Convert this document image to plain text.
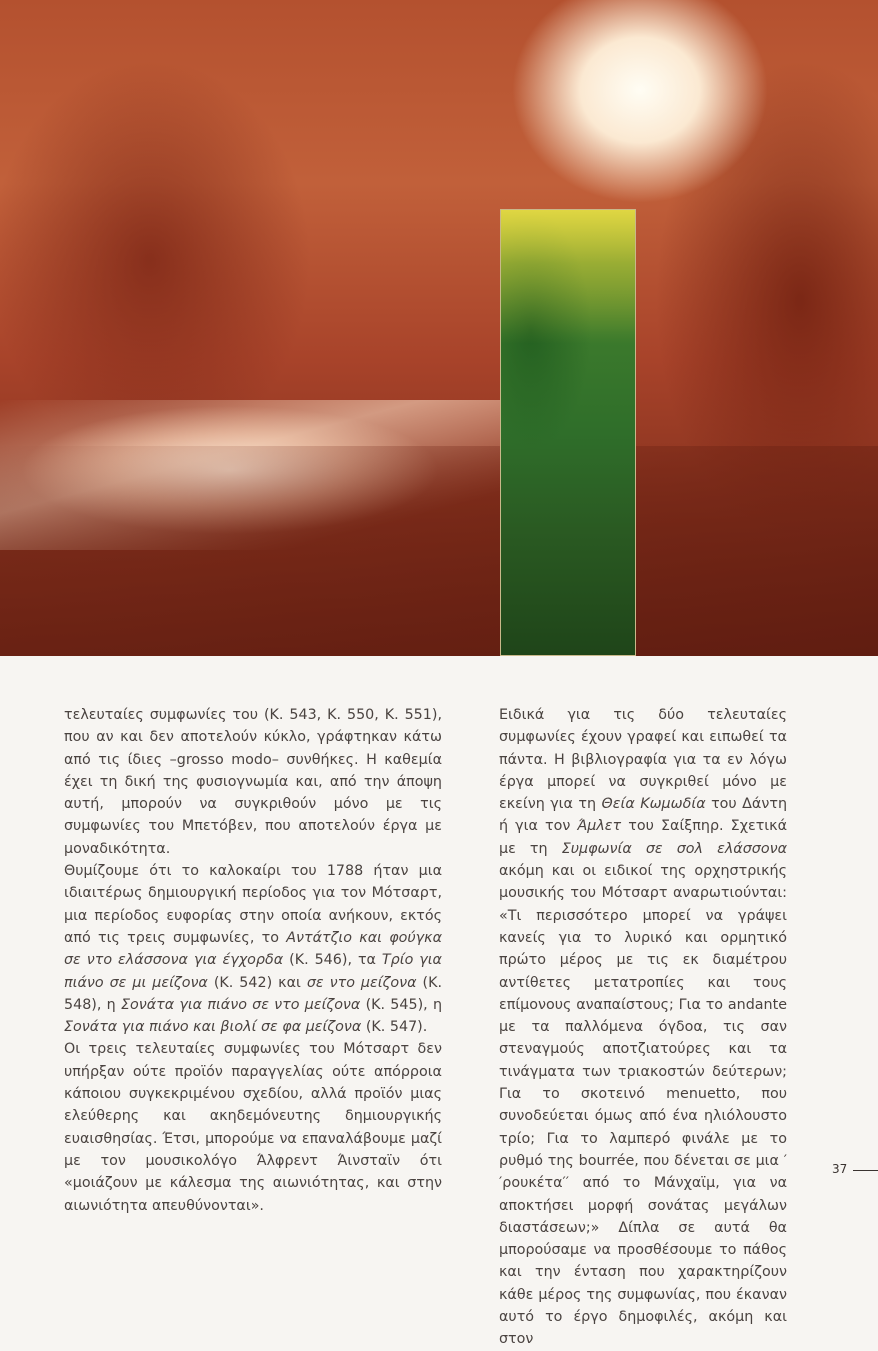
τελευταίες συμφωνίες του (Κ. 543, Κ. 550, Κ. 551), που αν και δεν αποτελούν κύκλο, γράφτηκαν κάτω από τις ίδιες –grosso modo– συνθήκες. Η καθεμία έχει τη δική της φυσιογνωμία και, από την άποψη αυτή, μπορούν να συγκριθούν μόνο με τις συμφωνίες του Μπετόβεν, που αποτελούν έργα με μοναδικότητα.

Θυμίζουμε ότι το καλοκαίρι του 1788 ήταν μια ιδιαιτέρως δημιουργική περίοδος για τον Μότσαρτ, μια περίοδος ευφορίας στην οποία ανήκουν, εκτός από τις τρεις συμφωνίες, το Αντάτζιο και φούγκα σε ντο ελάσσονα για έγχορδα (Κ. 546), τα Τρίο για πιάνο σε μι μείζονα (Κ. 542) και σε ντο μείζονα (Κ. 548), η Σονάτα για πιάνο σε ντο μείζονα (Κ. 545), η Σονάτα για πιάνο και βιολί σε φα μείζονα (Κ. 547).

Οι τρεις τελευταίες συμφωνίες του Μότσαρτ δεν υπήρξαν ούτε προϊόν παραγγελίας ούτε απόρροια κάποιου συγκεκριμένου σχεδίου, αλλά προϊόν μιας ελεύθερης και ακηδεμόνευτης δημιουργικής ευαισθησίας. Έτσι, μπορούμε να επαναλάβουμε μαζί με τον μουσικολόγο Άλφρεντ Άινσταϊν ότι «μοιάζουν με κάλεσμα της αιωνιότητας, και στην αιωνιότητα απευθύνονται».

Ειδικά για τις δύο τελευταίες συμφωνίες έχουν γραφεί και ειπωθεί τα πάντα. Η βιβλιογραφία για τα εν λόγω έργα μπορεί να συγκριθεί μόνο με εκείνη για τη Θεία Κωμωδία του Δάντη ή για τον Άμλετ του Σαίξπηρ. Σχετικά με τη Συμφωνία σε σολ ελάσσονα ακόμη και οι ειδικοί της ορχηστρικής μουσικής του Μότσαρτ αναρωτιούνται: «Τι περισσότερο μπορεί να γράψει κανείς για το λυρικό και ορμητικό πρώτο μέρος με τις εκ διαμέτρου αντίθετες μετατροπίες και τους επίμονους αναπαίστους; Για το andante με τα παλλόμενα όγδοα, τις σαν στεναγμούς αποτζιατούρες και τα τινάγματα των τριακοστών δεύτερων; Για το σκοτεινό menuetto, που συνοδεύεται όμως από ένα ηλιόλουστο τρίο; Για το λαμπερό φινάλε με το ρυθμό της bourrée, που δένεται σε μια ′′ρουκέτα′′ από το Μάνχαϊμ, για να αποκτήσει μορφή σονάτας μεγάλων διαστάσεων;» Δίπλα σε αυτά θα μπορούσαμε να προσθέσουμε το πάθος και την ένταση που χαρακτηρίζουν κάθε μέρος της συμφωνίας, που έκαναν αυτό το έργο δημοφιλές, ακόμη και στον

37
